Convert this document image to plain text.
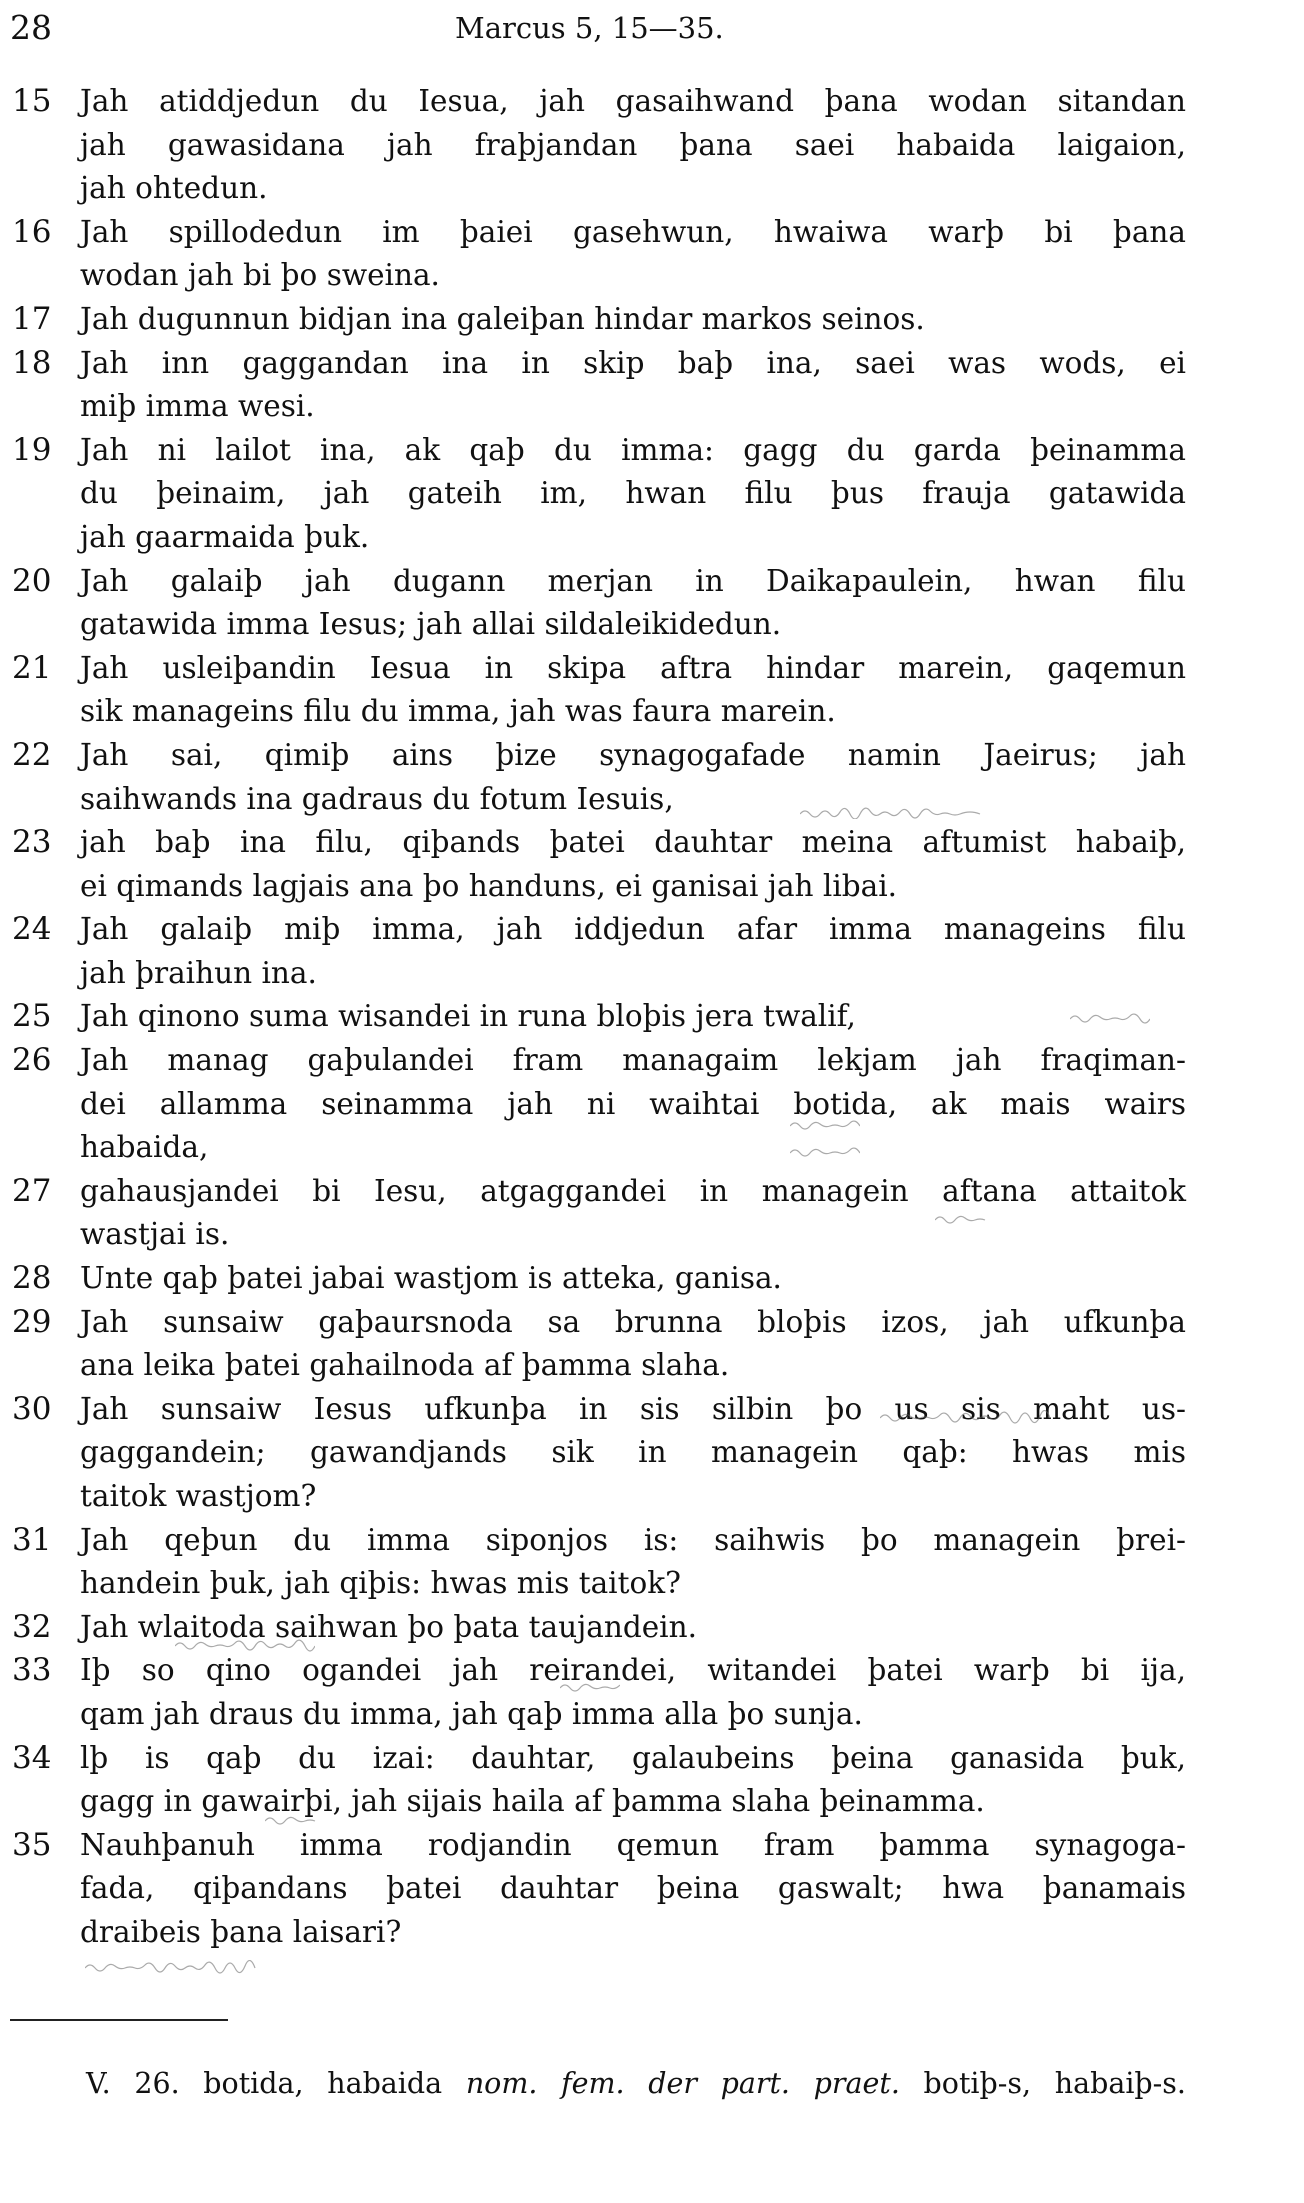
28	Marcus 5, 15—35.
15 Jah atiddjedun du Iesua, jah gasaihwand þana wodan sitandan
jah gawasidana jah fraþjandan þana saei habaida laigaion,
jah ohtedun.
16 Jah spillodedun im þaiei gasehwun, hwaiwa warþ bi þana
wodan jah bi þo sweina.
17 Jah dugunnun bidjan ina galeiþan hindar markos seinos.
18 Jah inn gaggandan ina in skip baþ ina, saei was wods, ei
miþ imma wesi.
19 Jah ni lailot ina, ak qaþ du imma: gagg du garda þeinamma
du þeinaim, jah gateih im, hwan filu þus frauja gatawida
jah gaarmaida þuk.
20 Jah galaiþ jah dugann merjan in Daikapaulein, hwan filu
gatawida imma Iesus; jah allai sildaleikidedun.
21 Jah usleiþandin Iesua in skipa aftra hindar marein, gaqemun
sik manageins filu du imma, jah was faura marein.
22 Jah sai, qimiþ ains þize synagogafade namin Jaeirus; jah
saihwands ina gadraus du fotum Iesuis,
23 jah baþ ina filu, qiþands þatei dauhtar meina aftumist habaiþ,
ei qimands lagjais ana þo handuns, ei ganisai jah libai.
24 Jah galaiþ miþ imma, jah iddjedun afar imma manageins filu
jah þraihun ina.
25 Jah qinono suma wisandei in runa bloþis jera twalif,
26 Jah manag gaþulandei fram managaim lekjam jah fraqiman-
dei allamma seinamma jah ni waihtai botida, ak mais wairs
habaida,
27 gahausjandei bi Iesu, atgaggandei in managein aftana attaitok
wastjai is.
28 Unte qaþ þatei jabai wastjom is atteka, ganisa.
29 Jah sunsaiw gaþaursnoda sa brunna bloþis izos, jah ufkunþa
ana leika þatei gahailnoda af þamma slaha.
30 Jah sunsaiw Iesus ufkunþa in sis silbin þo us sis maht us-
gaggandein; gawandjands sik in managein qaþ: hwas mis
taitok wastjom?
31 Jah qeþun du imma siponjos is: saihwis þo managein þrei-
handein þuk, jah qiþis: hwas mis taitok?
32 Jah wlaitoda saihwan þo þata taujandein.
33 Iþ so qino ogandei jah reirandei, witandei þatei warþ bi ija,
qam jah draus du imma, jah qaþ imma alla þo sunja.
34 lþ is qaþ du izai: dauhtar, galaubeins þeina ganasida þuk,
gagg in gawairþi, jah sijais haila af þamma slaha þeinamma.
35 Nauhþanuh imma rodjandin qemun fram þamma synagoga-
fada, qiþandans þatei dauhtar þeina gaswalt; hwa þanamais
draibeis þana laisari?
V. 26. botida, habaida nom. fem. der part. praet. botiþ-s, habaiþ-s.
